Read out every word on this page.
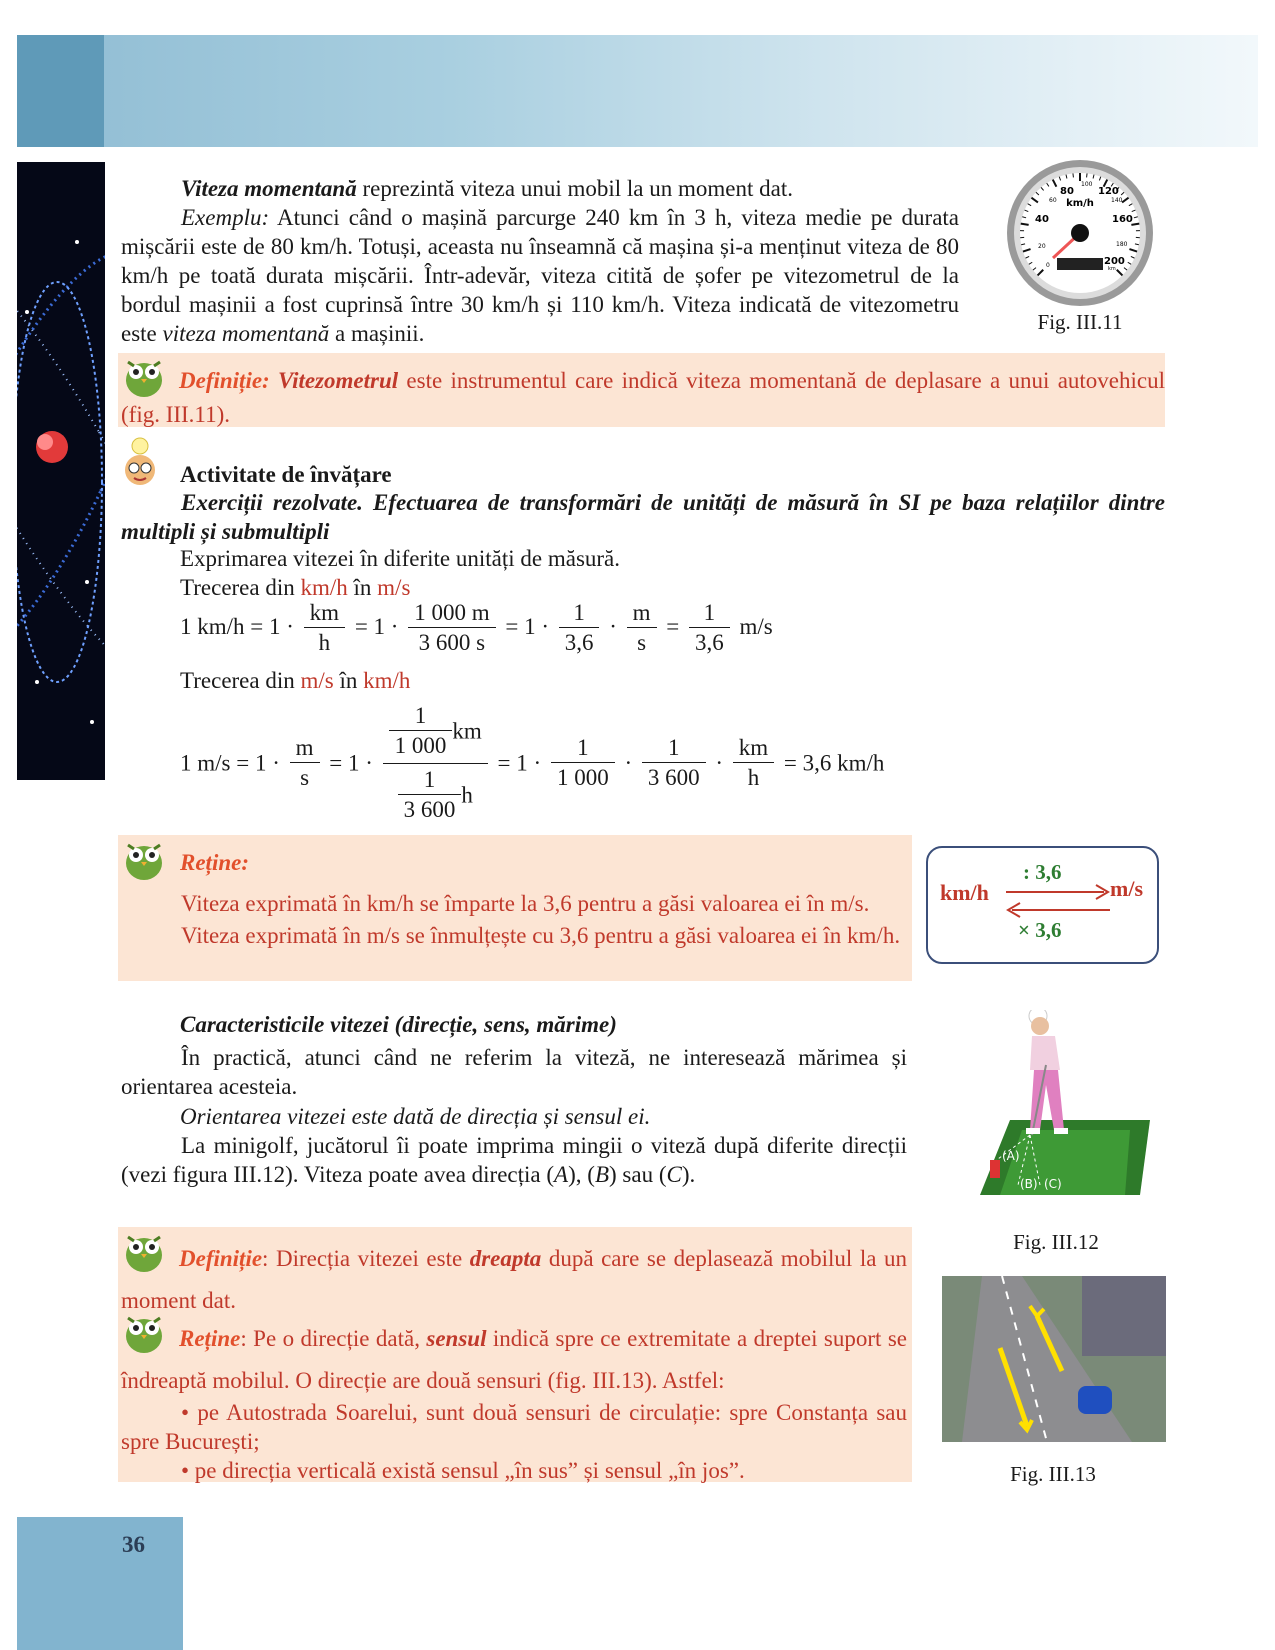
Viteza momentană reprezintă viteza unui mobil la un moment dat.

Exemplu: Atunci când o mașină parcurge 240 km în 3 h, viteza medie pe durata mișcării este de 80 km/h. Totuși, aceasta nu înseamnă că mașina și-a menținut viteza de 80 km/h pe toată durata mișcării. Într-adevăr, viteza citită de șofer pe vitezometrul de la bordul mașinii a fost cuprinsă între 30 km/h și 110 km/h. Viteza indicată de vitezometru este viteza momentană a mașinii.

km/h
40
80 120
160
20
60
100
140
180
200
0	km
Fig. III.11

Definiție: Vitezometrul este instrumentul care indică viteza momentană de deplasare a unui autovehicul (fig. III.11).

Activitate de învățare

Exerciții rezolvate. Efectuarea de transformări de unități de măsură în SI pe baza relațiilor dintre multipli și submultipli

Exprimarea vitezei în diferite unități de măsură.

Trecerea din km/h în m/s

1 $km/h = 1 \cdot \frac{km}{h} = 1 \cdot \frac{1 000 m}{3 600 s} = 1 \cdot \frac{1}{3,6} \cdot \frac{m}{s} = \frac{1}{3,6} m/s$

Trecerea din m/s în km/h

1 $m/s = 1 \cdot \frac{m}{s} = 1 \cdot \frac{\frac{1}{1 000} km}{\frac{1}{3 600} h} = 1 \cdot \frac{1}{1 000} \cdot \frac{1}{3 600} \cdot \frac{km}{h} = 3,6$ km/h

Reține:

Viteza exprimată în km/h se împarte la 3,6 pentru a găsi valoarea ei în m/s.

Viteza exprimată în m/s se înmulțește cu 3,6 pentru a găsi valoarea ei în km/h.

km/h	m/s
: 3,6
× 3,6

Caracteristicile vitezei (direcție, sens, mărime)

În practică, atunci când ne referim la viteză, ne interesează mărimea și orientarea acesteia.

Orientarea vitezei este dată de direcția și sensul ei.

La minigolf, jucătorul îi poate imprima mingii o viteză după diferite direcții (vezi figura III.12). Viteza poate avea direcția (A), (B) sau (C).

(A)
(B) (C)
Fig. III.12

Definiție: Direcția vitezei este dreapta după care se deplasează mobilul la un moment dat.

Reține: Pe o direcție dată, sensul indică spre ce extremitate a dreptei suport se îndreaptă mobilul. O direcție are două sensuri (fig. III.13). Astfel:

• pe Autostrada Soarelui, sunt două sensuri de circulație: spre Constanța sau spre București;

• pe direcția verticală există sensul „în sus” și sensul „în jos”.	Fig. III.13
36
